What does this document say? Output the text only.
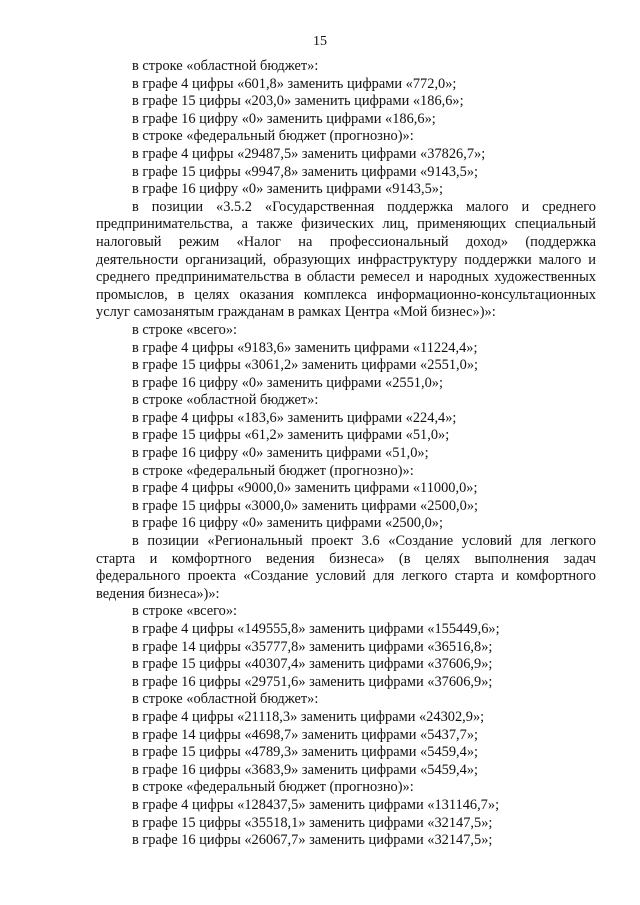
15
в строке «областной бюджет»:
в графе 4 цифры «601,8» заменить цифрами «772,0»;
в графе 15 цифры «203,0» заменить цифрами «186,6»;
в графе 16 цифру «0» заменить цифрами «186,6»;
в строке «федеральный бюджет (прогнозно)»:
в графе 4 цифры «29487,5» заменить цифрами «37826,7»;
в графе 15 цифры «9947,8» заменить цифрами «9143,5»;
в графе 16 цифру «0» заменить цифрами «9143,5»;
в позиции «3.5.2 «Государственная поддержка малого и среднего предпринимательства, а также физических лиц, применяющих специальный налоговый режим «Налог на профессиональный доход» (поддержка деятельности организаций, образующих инфраструктуру поддержки малого и среднего предпринимательства в области ремесел и народных художественных промыслов, в целях оказания комплекса информационно-консультационных услуг самозанятым гражданам в рамках Центра «Мой бизнес»)»:
в строке «всего»:
в графе 4 цифры «9183,6» заменить цифрами «11224,4»;
в графе 15 цифры «3061,2» заменить цифрами «2551,0»;
в графе 16 цифру «0» заменить цифрами «2551,0»;
в строке «областной бюджет»:
в графе 4 цифры «183,6» заменить цифрами «224,4»;
в графе 15 цифры «61,2» заменить цифрами «51,0»;
в графе 16 цифру «0» заменить цифрами «51,0»;
в строке «федеральный бюджет (прогнозно)»:
в графе 4 цифры «9000,0» заменить цифрами «11000,0»;
в графе 15 цифры «3000,0» заменить цифрами «2500,0»;
в графе 16 цифру «0» заменить цифрами «2500,0»;
в позиции «Региональный проект 3.6 «Создание условий для легкого старта и комфортного ведения бизнеса» (в целях выполнения задач федерального проекта «Создание условий для легкого старта и комфортного ведения бизнеса»)»:
в строке «всего»:
в графе 4 цифры «149555,8» заменить цифрами «155449,6»;
в графе 14 цифры «35777,8» заменить цифрами «36516,8»;
в графе 15 цифры «40307,4» заменить цифрами «37606,9»;
в графе 16 цифры «29751,6» заменить цифрами «37606,9»;
в строке «областной бюджет»:
в графе 4 цифры «21118,3» заменить цифрами «24302,9»;
в графе 14 цифры «4698,7» заменить цифрами «5437,7»;
в графе 15 цифры «4789,3» заменить цифрами «5459,4»;
в графе 16 цифры «3683,9» заменить цифрами «5459,4»;
в строке «федеральный бюджет (прогнозно)»:
в графе 4 цифры «128437,5» заменить цифрами «131146,7»;
в графе 15 цифры «35518,1» заменить цифрами «32147,5»;
в графе 16 цифры «26067,7» заменить цифрами «32147,5»;
